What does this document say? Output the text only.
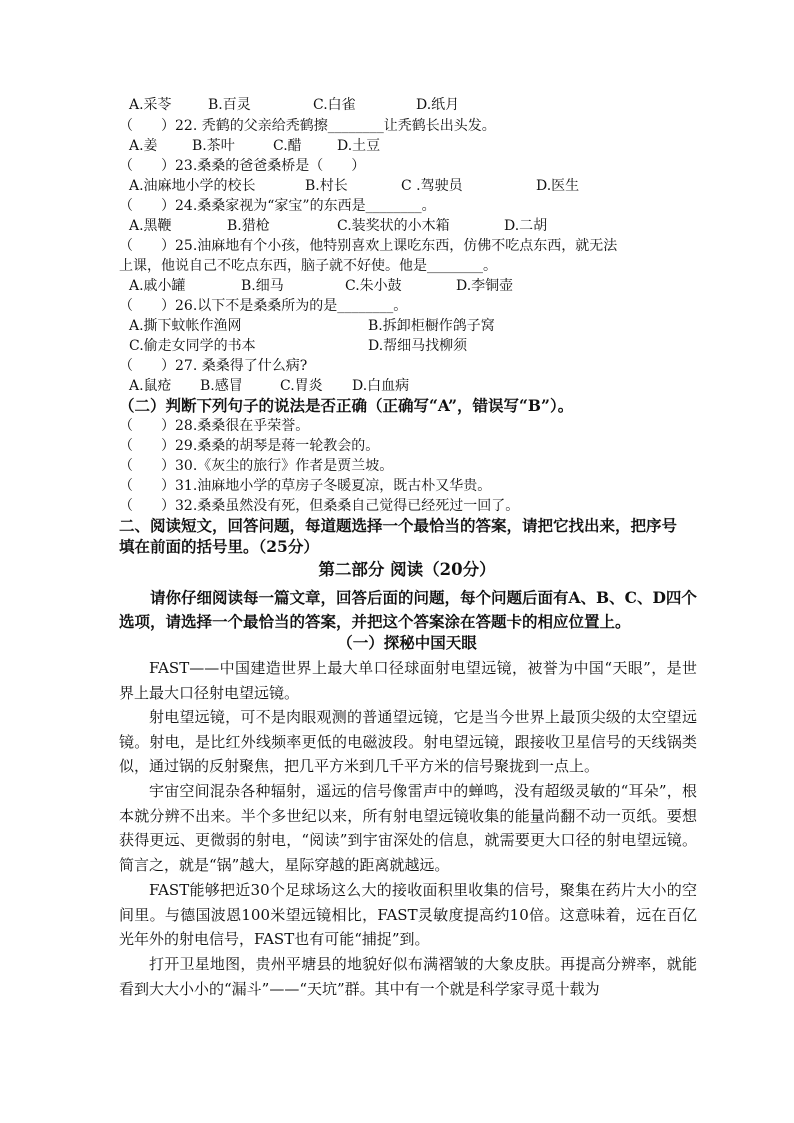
A.采苓	B.百灵	C.白雀	D.纸月
（　　）22. 秃鹤的父亲给秃鹤擦________让秃鹤长出头发。
A.姜 B.茶叶	C.醋	D.土豆
（　　）23.桑桑的爸爸桑桥是（　　）
A.油麻地小学的校长	B.村长	C .驾驶员	D.医生
（　　）24.桑桑家视为“家宝”的东西是________。
A.黑鞭	B.猎枪	C.装奖状的小木箱	D.二胡
（　　）25.油麻地有个小孩，他特别喜欢上课吃东西，仿佛不吃点东西，就无法
上课，他说自己不吃点东西，脑子就不好使。他是________。
A.戚小罐	B.细马	C.朱小鼓	D.李铜壶
（　　）26.以下不是桑桑所为的是________。
A.撕下蚊帐作渔网	B.拆卸柜橱作鸽子窝
C.偷走女同学的书本	D.帮细马找柳须
（　　）27. 桑桑得了什么病?
A.鼠疮 B.感冒	C.胃炎 D.白血病
（二）判断下列句子的说法是否正确（正确写“A”，错误写“B”）。
（　　）28.桑桑很在乎荣誉。
（　　）29.桑桑的胡琴是蒋一轮教会的。
（　　）30.《灰尘的旅行》作者是贾兰坡。
（　　）31.油麻地小学的草房子冬暖夏凉，既古朴又华贵。
（　　）32.桑桑虽然没有死，但桑桑自己觉得已经死过一回了。
二、阅读短文，回答问题，每道题选择一个最恰当的答案，请把它找出来，把序号
填在前面的括号里。（25分）
第二部分 阅读（20分）
请你仔细阅读每一篇文章，回答后面的问题，每个问题后面有A、B、C、D四个选项，请选择一个最恰当的答案，并把这个答案涂在答题卡的相应位置上。
（一）探秘中国天眼
FAST——中国建造世界上最大单口径球面射电望远镜，被誉为中国“天眼”，是世界上最大口径射电望远镜。
射电望远镜，可不是肉眼观测的普通望远镜，它是当今世界上最顶尖级的太空望远镜。射电，是比红外线频率更低的电磁波段。射电望远镜，跟接收卫星信号的天线锅类似，通过锅的反射聚焦，把几平方米到几千平方米的信号聚拢到一点上。
宇宙空间混杂各种辐射，遥远的信号像雷声中的蝉鸣，没有超级灵敏的“耳朵”，根本就分辨不出来。半个多世纪以来，所有射电望远镜收集的能量尚翻不动一页纸。要想获得更远、更微弱的射电，“阅读”到宇宙深处的信息，就需要更大口径的射电望远镜。简言之，就是“锅”越大，星际穿越的距离就越远。
FAST能够把近30个足球场这么大的接收面积里收集的信号，聚集在药片大小的空间里。与德国波恩100米望远镜相比，FAST灵敏度提高约10倍。这意味着，远在百亿光年外的射电信号，FAST也有可能“捕捉”到。
打开卫星地图，贵州平塘县的地貌好似布满褶皱的大象皮肤。再提高分辨率，就能看到大大小小的“漏斗”——“天坑”群。其中有一个就是科学家寻觅十载为
